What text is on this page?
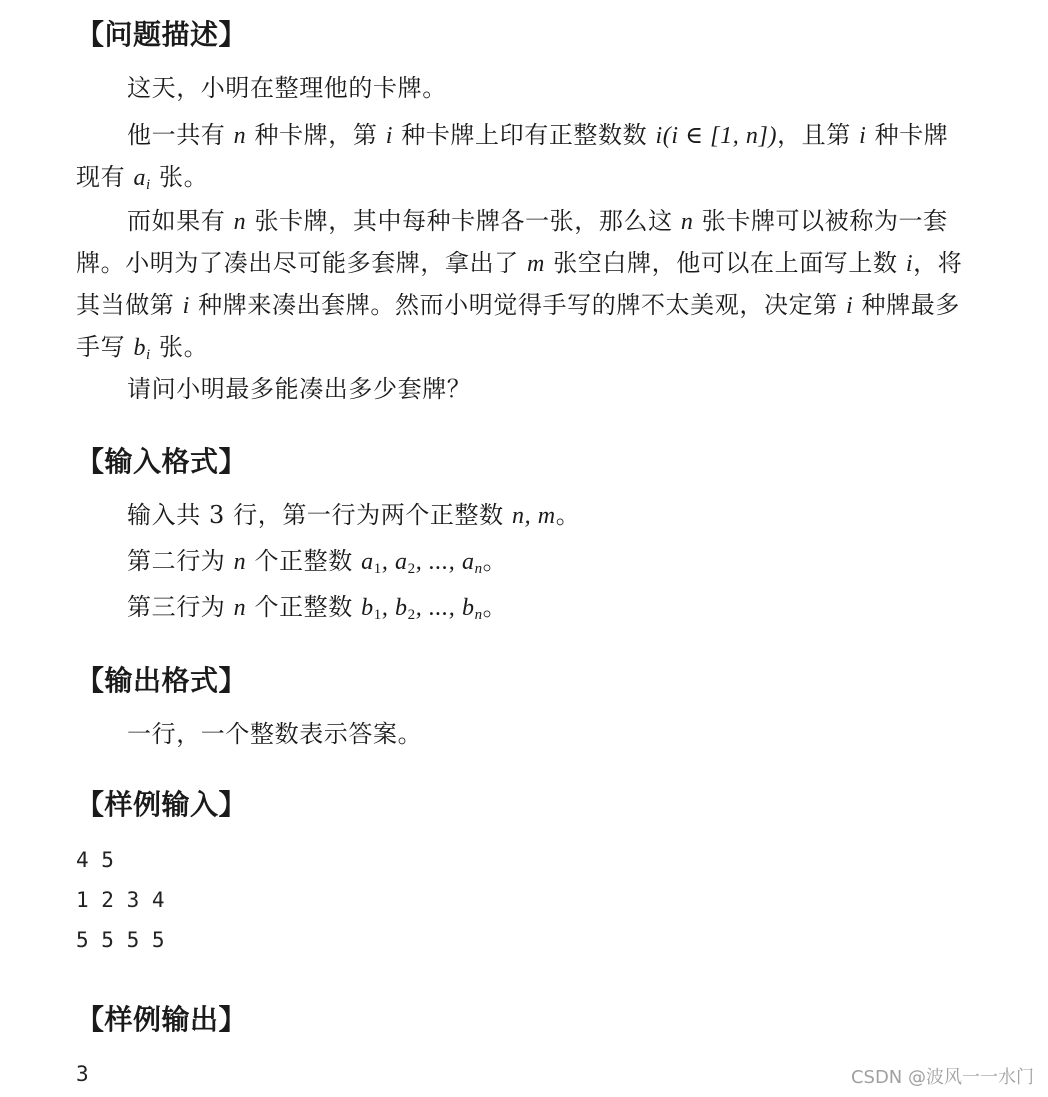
【问题描述】
这天，小明在整理他的卡牌。
他一共有 n 种卡牌，第 i 种卡牌上印有正整数数 i(i ∈ [1, n])，且第 i 种卡牌现有 $a_i$ 张。
而如果有 n 张卡牌，其中每种卡牌各一张，那么这 n 张卡牌可以被称为一套牌。小明为了凑出尽可能多套牌，拿出了 m 张空白牌，他可以在上面写上数 i，将其当做第 i 种牌来凑出套牌。然而小明觉得手写的牌不太美观，决定第 i 种牌最多手写 $b_i$ 张。
请问小明最多能凑出多少套牌？
【输入格式】
输入共 3 行，第一行为两个正整数 n, m。
第二行为 n 个正整数 $a_1$, $a_2$, ..., $a_n$。
第三行为 n 个正整数 $b_1$, $b_2$, ..., $b_n$。
【输出格式】
一行，一个整数表示答案。
【样例输入】
4 5
1 2 3 4
5 5 5 5
【样例输出】
3	CSDN @波风一一水门
